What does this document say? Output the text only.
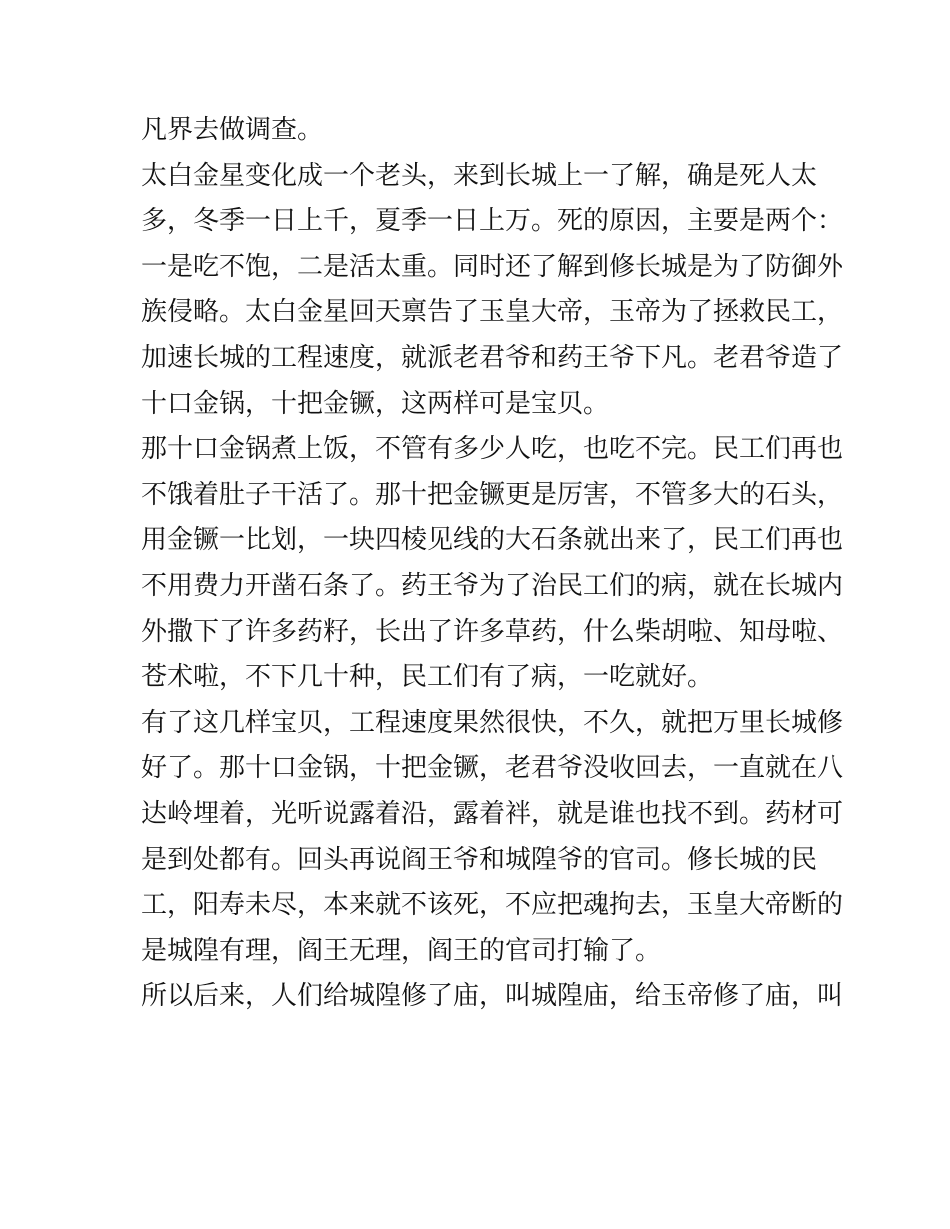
凡界去做调查。
太白金星变化成一个老头，来到长城上一了解，确是死人太
多，冬季一日上千，夏季一日上万。死的原因，主要是两个：
一是吃不饱，二是活太重。同时还了解到修长城是为了防御外
族侵略。太白金星回天禀告了玉皇大帝，玉帝为了拯救民工，
加速长城的工程速度，就派老君爷和药王爷下凡。老君爷造了
十口金锅，十把金镢，这两样可是宝贝。
那十口金锅煮上饭，不管有多少人吃，也吃不完。民工们再也
不饿着肚子干活了。那十把金镢更是厉害，不管多大的石头，
用金镢一比划，一块四棱见线的大石条就出来了，民工们再也
不用费力开凿石条了。药王爷为了治民工们的病，就在长城内
外撒下了许多药籽，长出了许多草药，什么柴胡啦、知母啦、
苍术啦，不下几十种，民工们有了病，一吃就好。
有了这几样宝贝，工程速度果然很快，不久，就把万里长城修
好了。那十口金锅，十把金镢，老君爷没收回去，一直就在八
达岭埋着，光听说露着沿，露着袢，就是谁也找不到。药材可
是到处都有。回头再说阎王爷和城隍爷的官司。修长城的民
工，阳寿未尽，本来就不该死，不应把魂拘去，玉皇大帝断的
是城隍有理，阎王无理，阎王的官司打输了。
所以后来，人们给城隍修了庙，叫城隍庙，给玉帝修了庙，叫
